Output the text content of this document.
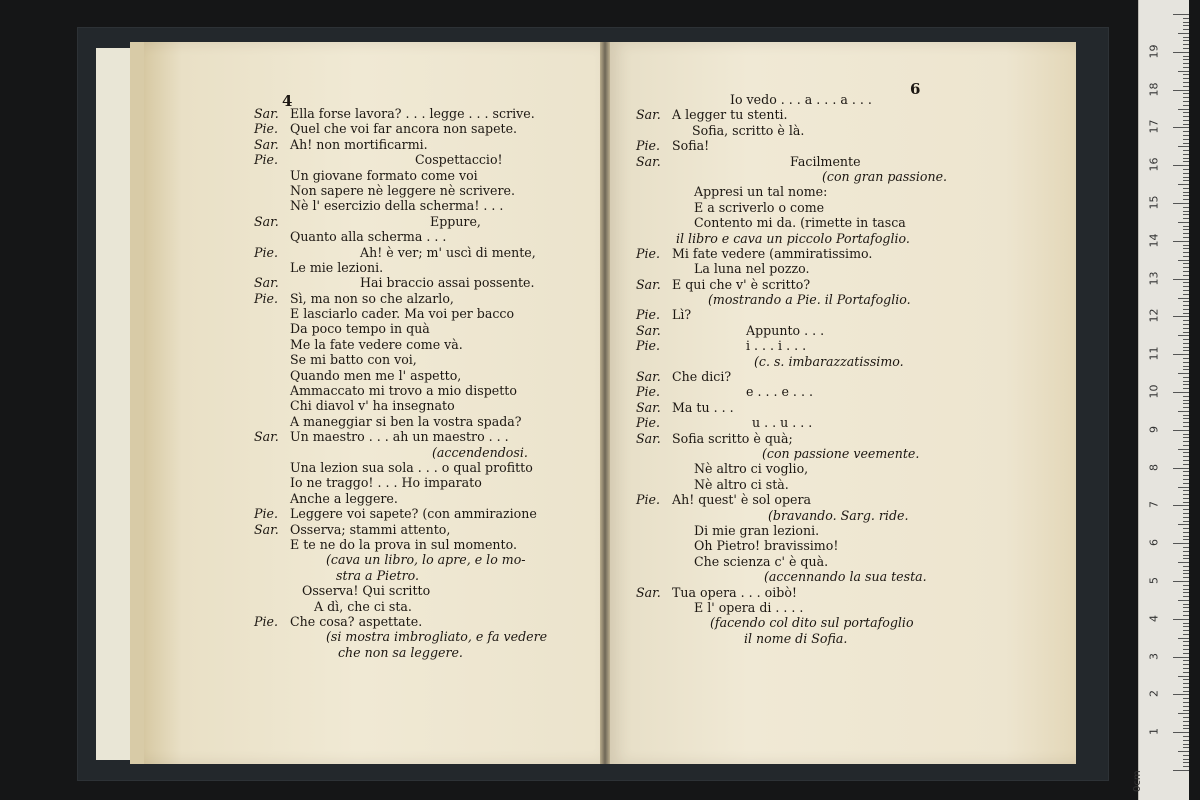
4
Sar. Ella forse lavora? . . . legge . . . scrive.
Pie. Quel che voi far ancora non sapete.
Sar. Ah! non mortificarmi.
Pie.	Cospettaccio!
Un giovane formato come voi
Non sapere nè leggere nè scrivere.
Nè l' esercizio della scherma! . . .
Sar.	Eppure,
Quanto alla scherma . . .
Pie.	Ah! è ver; m' uscì di mente,
Le mie lezioni.
Sar.	Hai braccio assai possente.
Pie. Sì, ma non so che alzarlo,
E lasciarlo cader. Ma voi per bacco
Da poco tempo in quà
Me la fate vedere come và.
Se mi batto con voi,
Quando men me l' aspetto,
Ammaccato mi trovo a mio dispetto
Chi diavol v' ha insegnato
A maneggiar si ben la vostra spada?
Sar. Un maestro . . . ah un maestro . . .
(accendendosi.
Una lezion sua sola . . . o qual profitto
Io ne traggo! . . . Ho imparato
Anche a leggere.
Pie. Leggere voi sapete? (con ammirazione
Sar. Osserva; stammi attento,
E te ne do la prova in sul momento.
(cava un libro, lo apre, e lo mo-
stra a Pietro.
Osserva! Qui scritto
A dì, che ci sta.
Pie. Che cosa? aspettate.
(si mostra imbrogliato, e fa vedere
che non sa leggere.
6
Io vedo . . . a . . . a . . .
Sar. A legger tu stenti.
Sofia, scritto è là.
Pie. Sofia!
Sar.	Facilmente
(con gran passione.
Appresi un tal nome:
E a scriverlo o come
Contento mi da. (rimette in tasca
il libro e cava un piccolo Portafoglio.
Pie. Mi fate vedere (ammiratissimo.
La luna nel pozzo.
Sar. E qui che v' è scritto?
(mostrando a Pie. il Portafoglio.
Pie. Lì?
Sar.	Appunto . . .
Pie.	i . . . i . . .
(c. s. imbarazzatissimo.
Sar. Che dici?
Pie.	e . . . e . . .
Sar. Ma tu . . .
Pie.	u . . u . . .
Sar. Sofia scritto è quà;
(con passione veemente.
Nè altro ci voglio,
Nè altro ci stà.
Pie. Ah! quest' è sol opera
(bravando. Sarg. ride.
Di mie gran lezioni.
Oh Pietro! bravissimo!
Che scienza c' è quà.
(accennando la sua testa.
Sar. Tua opera . . . oibò!
E l' opera di . . . .
(facendo col dito sul portafoglio
il nome di Sofia.
0cm
1
2
3
4
5
6
7
8
9
10
11
12
13
14
15
16
17
18
19
